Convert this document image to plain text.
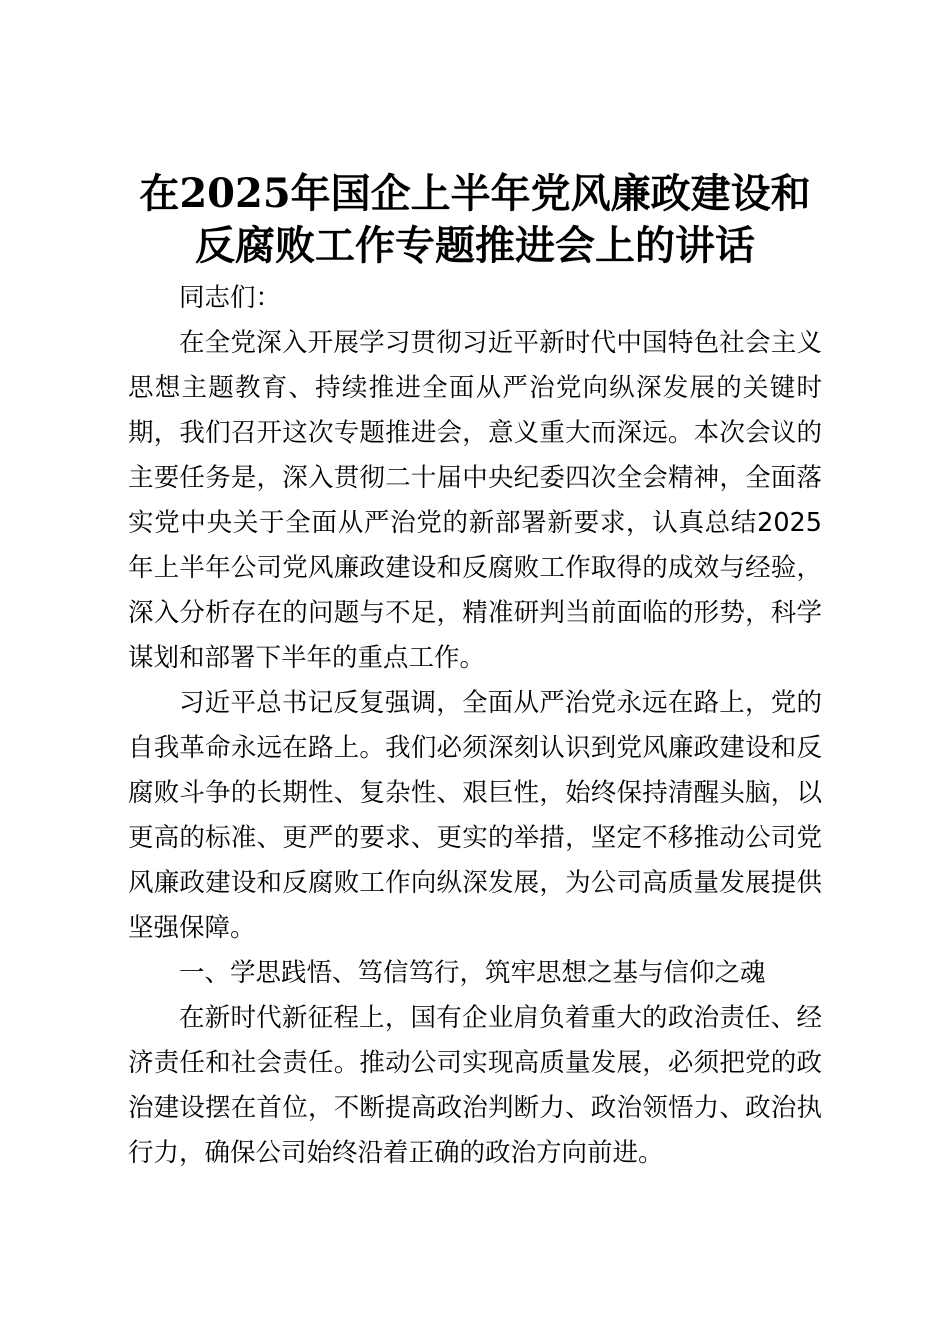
在2025年国企上半年党风廉政建设和
反腐败工作专题推进会上的讲话

同志们：

在全党深入开展学习贯彻习近平新时代中国特色社会主义思想主题教育、持续推进全面从严治党向纵深发展的关键时期，我们召开这次专题推进会，意义重大而深远。本次会议的主要任务是，深入贯彻二十届中央纪委四次全会精神，全面落实党中央关于全面从严治党的新部署新要求，认真总结2025年上半年公司党风廉政建设和反腐败工作取得的成效与经验，深入分析存在的问题与不足，精准研判当前面临的形势，科学谋划和部署下半年的重点工作。

习近平总书记反复强调，全面从严治党永远在路上，党的自我革命永远在路上。我们必须深刻认识到党风廉政建设和反腐败斗争的长期性、复杂性、艰巨性，始终保持清醒头脑，以更高的标准、更严的要求、更实的举措，坚定不移推动公司党风廉政建设和反腐败工作向纵深发展，为公司高质量发展提供坚强保障。

一、学思践悟、笃信笃行，筑牢思想之基与信仰之魂

在新时代新征程上，国有企业肩负着重大的政治责任、经济责任和社会责任。推动公司实现高质量发展，必须把党的政治建设摆在首位，不断提高政治判断力、政治领悟力、政治执行力，确保公司始终沿着正确的政治方向前进。
